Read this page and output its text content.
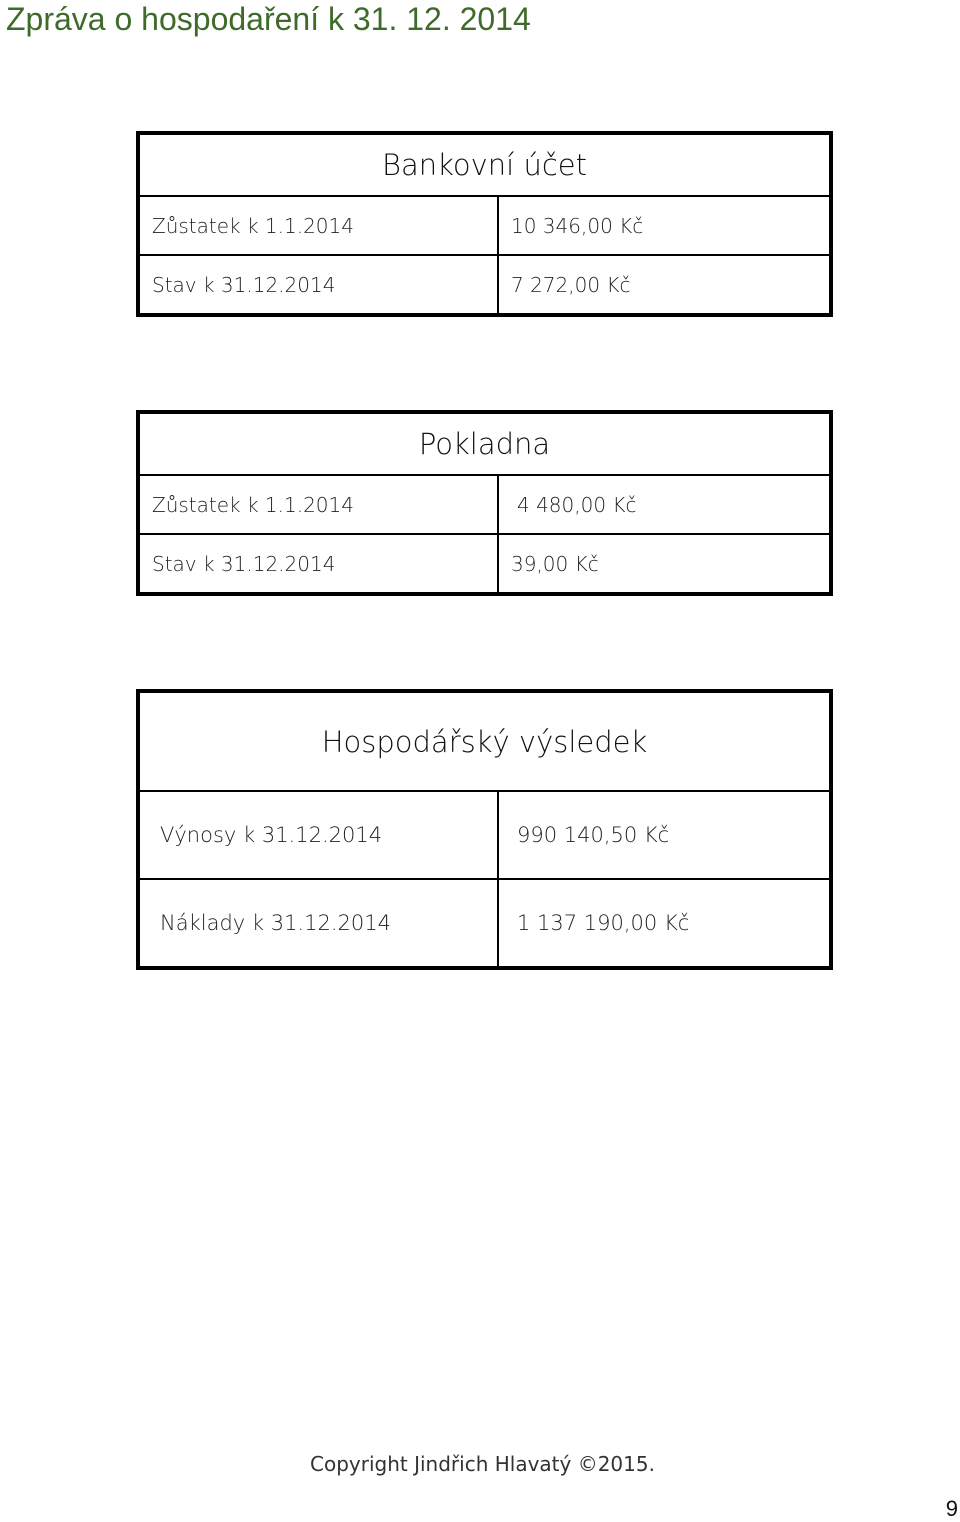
Zpráva o hospodaření k 31. 12. 2014
Bankovní účet	
Zůstatek k 1.1.2014	10 346,00 Kč
Stav k 31.12.2014	7 272,00 Kč
Pokladna	
Zůstatek k 1.1.2014	4 480,00 Kč
Stav k 31.12.2014	39,00 Kč
Hospodářský výsledek	
Výnosy k 31.12.2014	990 140,50 Kč
Náklady k 31.12.2014	1 137 190,00 Kč
Copyright Jindřich Hlavatý ©2015.
9
